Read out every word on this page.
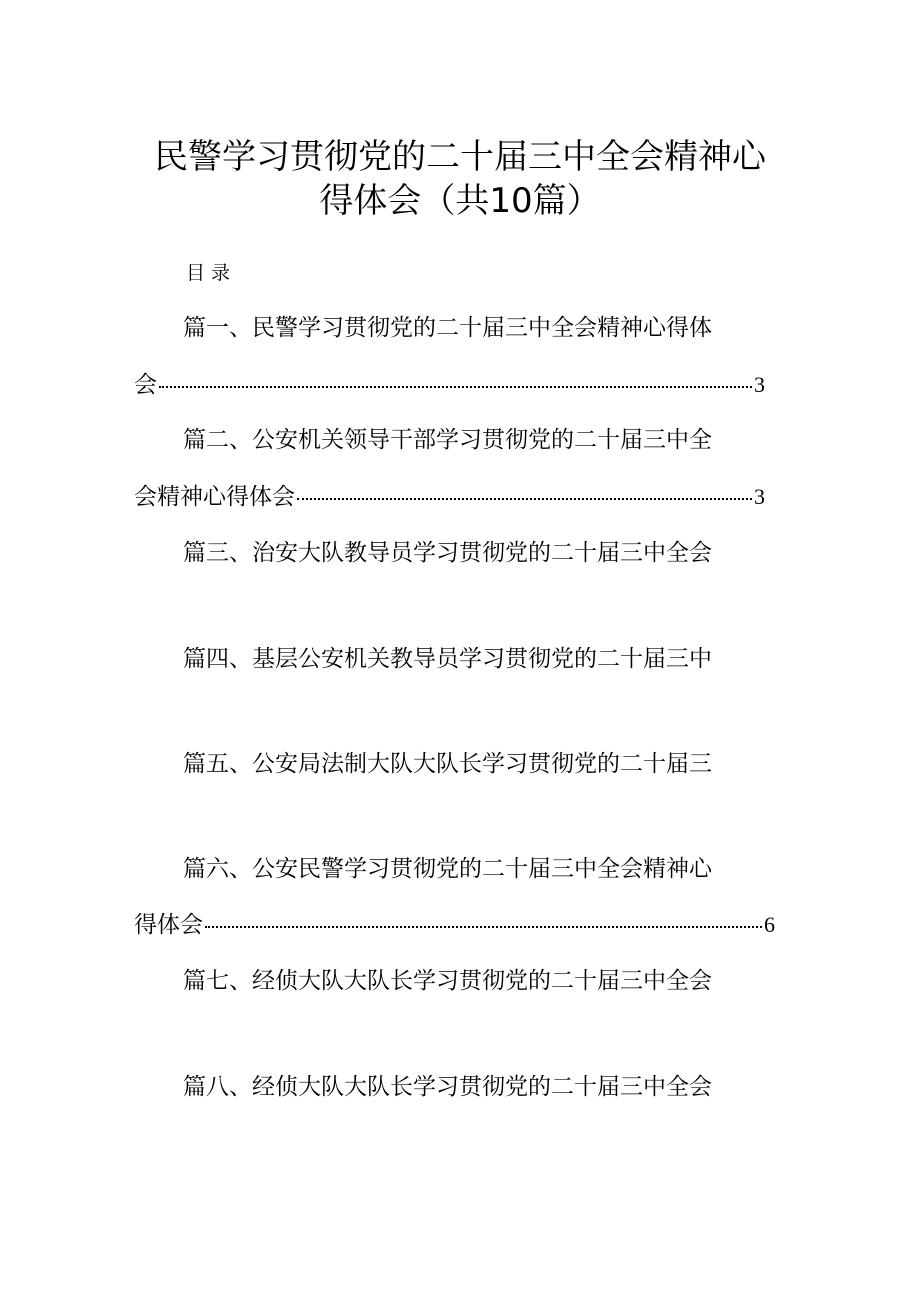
民警学习贯彻党的二十届三中全会精神心
得体会（共10篇）
目录
篇一、民警学习贯彻党的二十届三中全会精神心得体
会	3
篇二、公安机关领导干部学习贯彻党的二十届三中全
会精神心得体会	3
篇三、治安大队教导员学习贯彻党的二十届三中全会
篇四、基层公安机关教导员学习贯彻党的二十届三中
篇五、公安局法制大队大队长学习贯彻党的二十届三
篇六、公安民警学习贯彻党的二十届三中全会精神心
得体会	6
篇七、经侦大队大队长学习贯彻党的二十届三中全会
篇八、经侦大队大队长学习贯彻党的二十届三中全会
